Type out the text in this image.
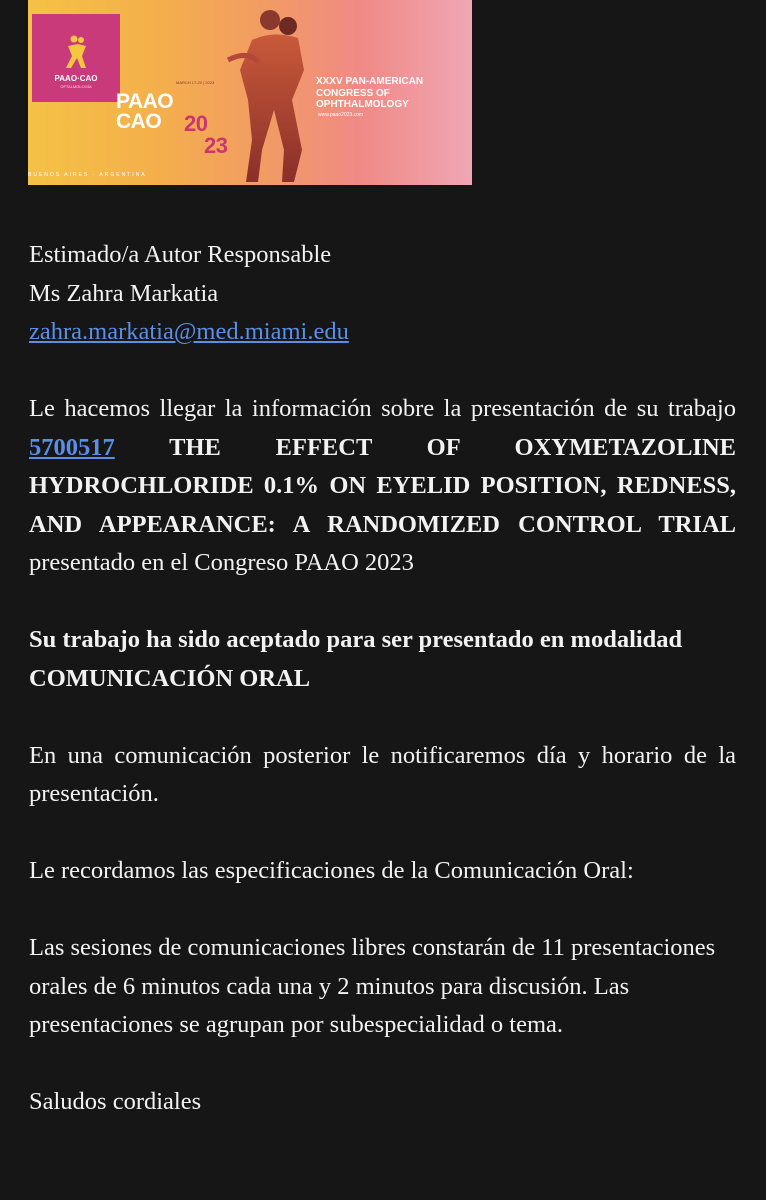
PAAO·CAO
OFTALMOLOGÍA
MARCH 17-20 | 2023
PAAO
CAO	20
23
XXXV PAN-AMERICAN CONGRESS OF OPHTHALMOLOGY
www.paao2023.com
BUENOS AIRES · ARGENTINA

Estimado/a Autor Responsable

Ms Zahra Markatia

zahra.markatia@med.miami.edu

Le hacemos llegar la información sobre la presentación de su trabajo 5700517 THE EFFECT OF OXYMETAZOLINE HYDROCHLORIDE 0.1% ON EYELID POSITION, REDNESS, AND APPEARANCE: A RANDOMIZED CONTROL TRIAL presentado en el Congreso PAAO 2023

Su trabajo ha sido aceptado para ser presentado en modalidad COMUNICACIÓN ORAL

En una comunicación posterior le notificaremos día y horario de la presentación.

Le recordamos las especificaciones de la Comunicación Oral:

Las sesiones de comunicaciones libres constarán de 11 presentaciones orales de 6 minutos cada una y 2 minutos para discusión. Las presentaciones se agrupan por subespecialidad o tema.

Saludos cordiales
